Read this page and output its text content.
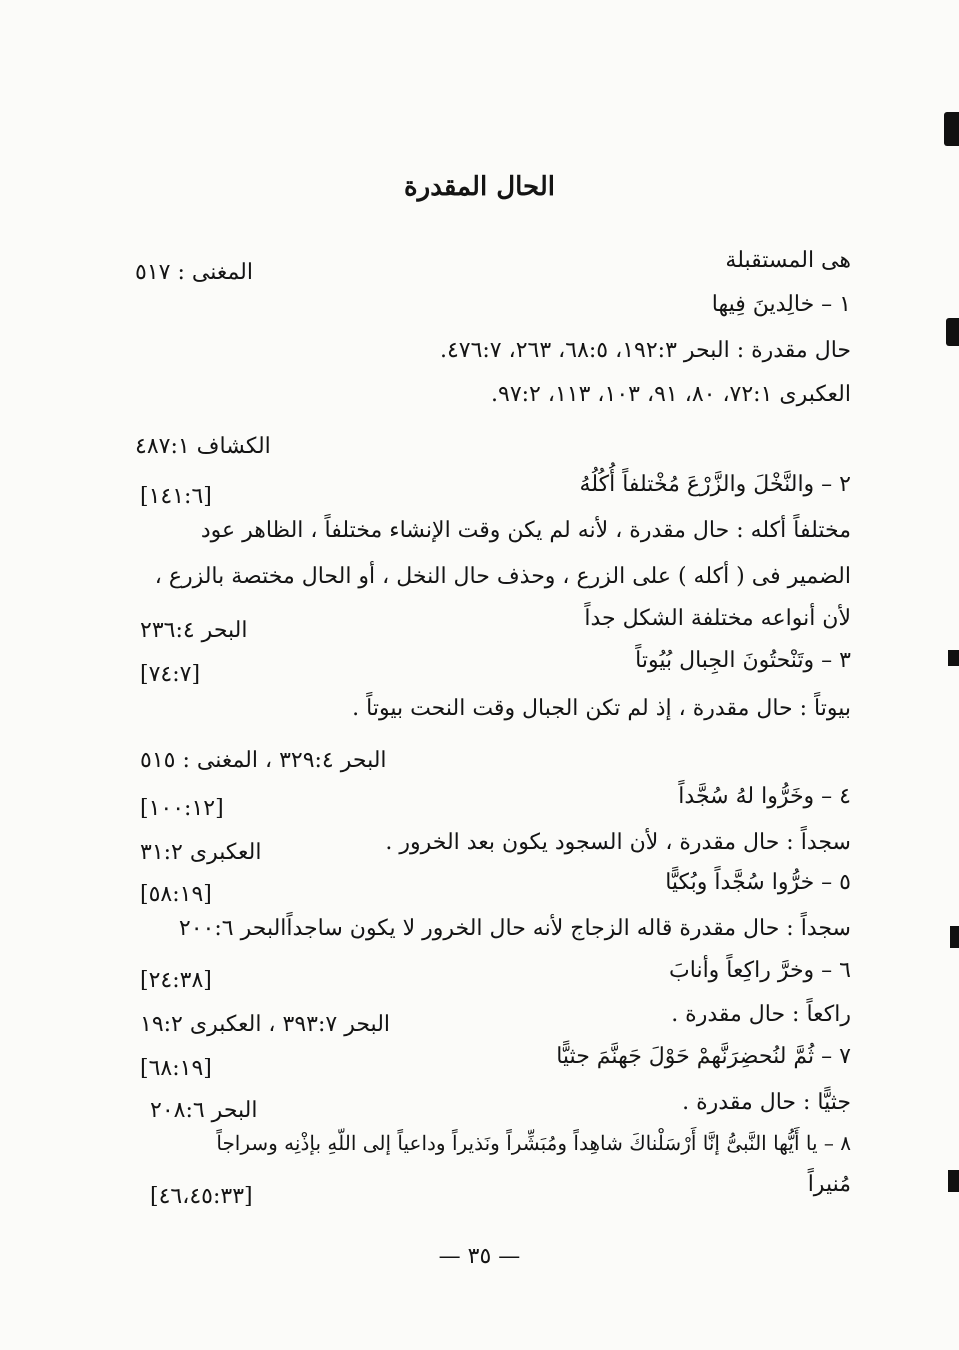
الحال المقدرة
هى المستقبلة
المغنى : ٥١٧
١ – خالِدينَ فِيها
حال مقدرة : البحر ١٩٢:٣، ٦٨:٥، ٢٦٣، ٤٧٦:٧.
العكبرى ٧٢:١، ٨٠، ٩١، ١٠٣، ١١٣، ٩٧:٢.
الكشاف ٤٨٧:١
٢ – والنَّخْلَ والزَّرْعَ مُخْتلفاً أُكُلُهُ
[١٤١:٦]
مختلفاً أكله : حال مقدرة ، لأنه لم يكن وقت الإنشاء مختلفاً ، الظاهر عود
الضمير فى ( أكله ) على الزرع ، وحذف حال النخل ، أو الحال مختصة بالزرع ،
لأن أنواعه مختلفة الشكل جداً
البحر ٢٣٦:٤
٣ – وتَنْحتُونَ الجِبال بُيُوتاً
[٧٤:٧]
بيوتاً : حال مقدرة ، إذ لم تكن الجبال وقت النحت بيوتاً .
البحر ٣٢٩:٤ ، المغنى : ٥١٥
٤ – وخَرُّوا لهُ سُجَّداً
[١٠٠:١٢]
سجداً : حال مقدرة ، لأن السجود يكون بعد الخرور .
العكبرى ٣١:٢
٥ – خرُّوا سُجَّداً وبُكيًّا
[٥٨:١٩]
سجداً : حال مقدرة قاله الزجاج لأنه حال الخرور لا يكون ساجداًالبحر ٢٠٠:٦
٦ – وخرَّ راكِعاً وأنابَ
[٢٤:٣٨]
راكعاً : حال مقدرة .
البحر ٣٩٣:٧ ، العكبرى ١٩:٢
٧ – ثُمَّ لنُحضِرَنَّهمْ حَوْلَ جَهنَّمَ جثيًّا
[٦٨:١٩]
جثيًّا : حال مقدرة .
البحر ٢٠٨:٦
٨ – يا أَيُّها النَّبىُّ إنَّا أَرْسَلْناكَ شاهِداً ومُبَشِّراً ونَذيراً وداعياً إلى اللّهِ بإذْنِه وسراجاً
مُنيراً
[٤٦،٤٥:٣٣]
— ٣٥ —
